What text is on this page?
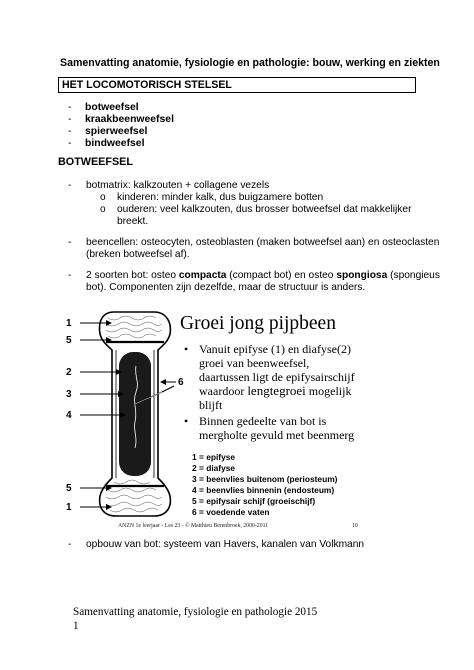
Samenvatting anatomie, fysiologie en pathologie: bouw, werking en ziekten
HET LOCOMOTORISCH STELSEL
- botweefsel
- kraakbeenweefsel
- spierweefsel
- bindweefsel
BOTWEEFSEL
- botmatrix: kalkzouten + collagene vezels
o kinderen: minder kalk, dus buigzamere botten
o ouderen: veel kalkzouten, dus brosser botweefsel dat makkelijker
breekt.
- beencellen: osteocyten, osteoblasten (maken botweefsel aan) en osteoclasten
(breken botweefsel af).
- 2 soorten bot: osteo compacta (compact bot) en osteo spongiosa (spongieus
bot). Componenten zijn dezelfde, maar de structuur is anders.
1
5
2
3
4
6
5
1
Groei jong pijpbeen
• Vanuit epifyse (1) en diafyse(2)
groei van beenweefsel,
daartussen ligt de epifysairschijf
waardoor lengtegroei mogelijk
blijft
• Binnen gedeelte van bot is
mergholte gevuld met beenmerg
1 = epifyse
2 = diafyse
3 = beenvlies buitenom (periosteum)
4 = beenvlies binnenin (endosteum)
5 = epifysair schijf (groeischijf)
6 = voedende vaten
ANZN 1e leerjaar - Les 23 - © Matthieu Berenbroek, 2000-2011	10
- opbouw van bot: systeem van Havers, kanalen van Volkmann
Samenvatting anatomie, fysiologie en pathologie 2015
1
